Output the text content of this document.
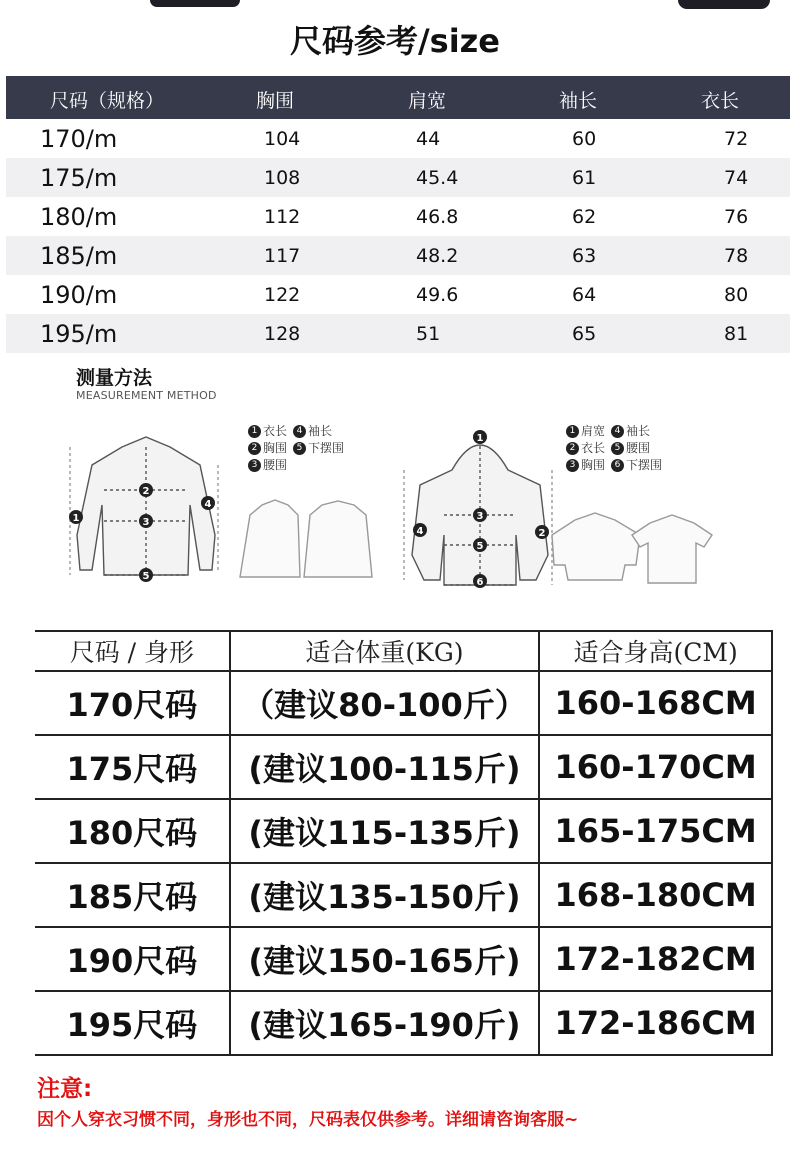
尺码参考/size
尺码（规格）	胸围	肩宽	袖长	衣长
170/m	104	44	60	72
175/m	108	45.4	61	74
180/m	112	46.8	62	76
185/m	117	48.2	63	78
190/m	122	49.6	64	80
195/m	128	51	65	81
测量方法
MEASUREMENT METHOD
1
2
3
4
5
1
2
3
4
5
6
1 衣长 4 袖长
2 胸围 5 下摆围
3 腰围
1 肩宽 4 袖长
2 衣长 5 腰围
3 胸围 6 下摆围
尺码 / 身形	适合体重(KG)	适合身高(CM)
170尺码	（建议80-100斤）	160-168CM
175尺码	(建议100-115斤)	160-170CM
180尺码	(建议115-135斤)	165-175CM
185尺码	(建议135-150斤)	168-180CM
190尺码	(建议150-165斤)	172-182CM
195尺码	(建议165-190斤)	172-186CM
注意:
因个人穿衣习惯不同，身形也不同，尺码表仅供参考。详细请咨询客服~
